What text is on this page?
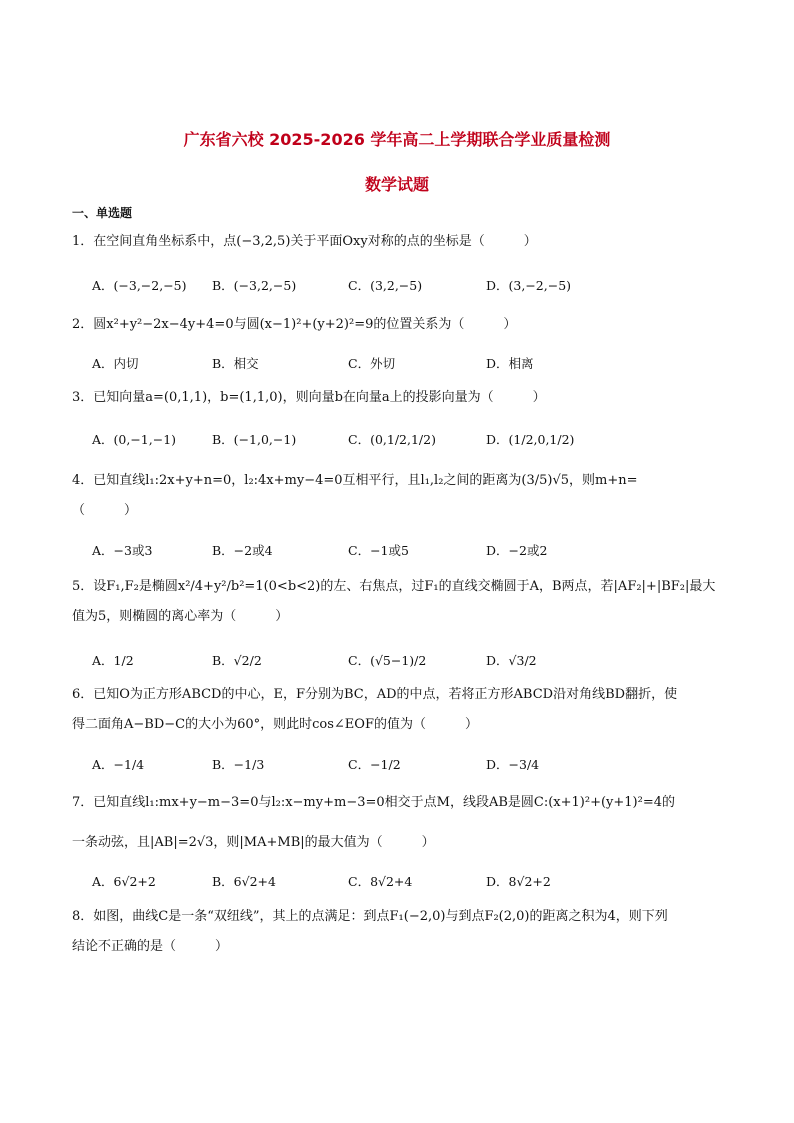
广东省六校 2025-2026 学年高二上学期联合学业质量检测
数学试题
一、单选题
1．在空间直角坐标系中，点(−3,2,5)关于平面Oxy对称的点的坐标是（　　　）
A．(−3,−2,−5) B．(−3,2,−5)	C．(3,2,−5)	D．(3,−2,−5)
2．圆x²+y²−2x−4y+4=0与圆(x−1)²+(y+2)²=9的位置关系为（　　　）
A．内切	B．相交	C．外切	D．相离
3．已知向量a=(0,1,1)，b=(1,1,0)，则向量b在向量a上的投影向量为（　　　）
A．(0,−1,−1)	B．(−1,0,−1)	C．(0,1/2,1/2)	D．(1/2,0,1/2)
4．已知直线l₁:2x+y+n=0，l₂:4x+my−4=0互相平行，且l₁,l₂之间的距离为(3/5)√5，则m+n=
（　　　）
A．−3或3	B．−2或4	C．−1或5	D．−2或2
5．设F₁,F₂是椭圆x²/4+y²/b²=1(0<b<2)的左、右焦点，过F₁的直线交椭圆于A，B两点，若|AF₂|+|BF₂|最大
值为5，则椭圆的离心率为（　　　）
A．1/2	B．√2/2	C．(√5−1)/2	D．√3/2
6．已知O为正方形ABCD的中心，E，F分别为BC，AD的中点，若将正方形ABCD沿对角线BD翻折，使
得二面角A−BD−C的大小为60°，则此时cos∠EOF的值为（　　　）
A．−1/4	B．−1/3	C．−1/2	D．−3/4
7．已知直线l₁:mx+y−m−3=0与l₂:x−my+m−3=0相交于点M，线段AB是圆C:(x+1)²+(y+1)²=4的
一条动弦，且|AB|=2√3，则|MA+MB|的最大值为（　　　）
A．6√2+2	B．6√2+4	C．8√2+4	D．8√2+2
8．如图，曲线C是一条“双纽线”，其上的点满足：到点F₁(−2,0)与到点F₂(2,0)的距离之积为4，则下列
结论不正确的是（　　　）
